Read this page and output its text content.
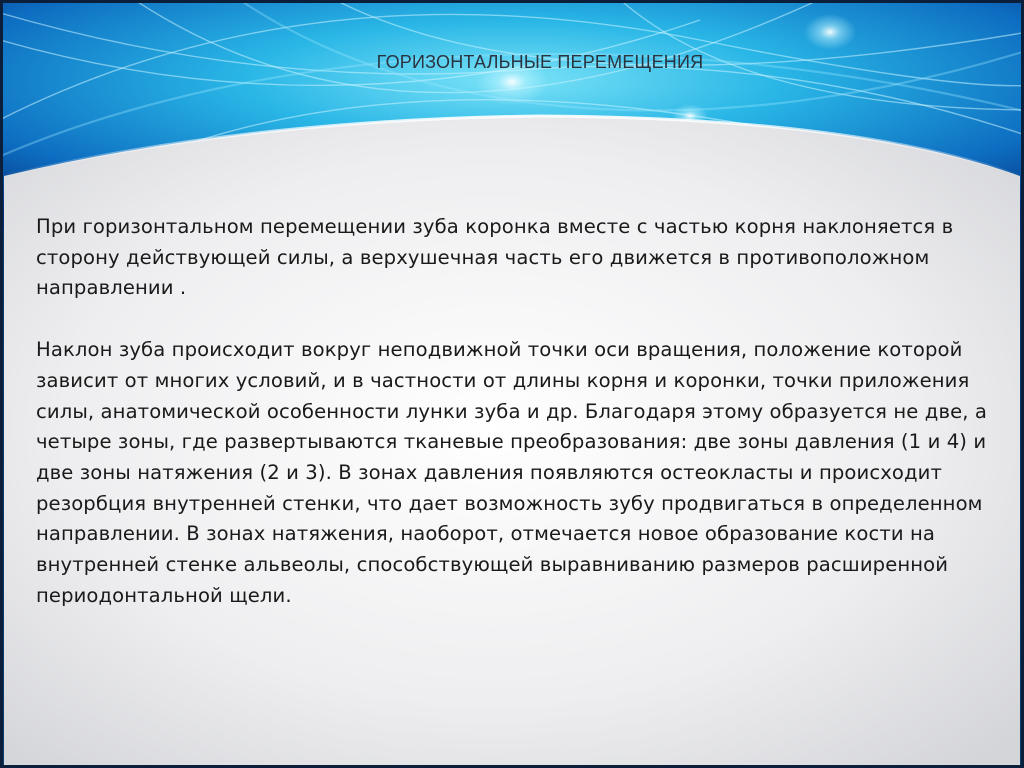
ГОРИЗОНТАЛЬНЫЕ ПЕРЕМЕЩЕНИЯ

При горизонтальном перемещении зуба коронка вместе с частью корня наклоняется в сторону действующей силы, а верхушечная часть его движется в противоположном направлении .

Наклон зуба происходит вокруг неподвижной точки оси вращения, положение которой зависит от многих условий, и в частности от длины корня и коронки, точки приложения силы, анатомической особенности лунки зуба и др. Благодаря этому образуется не две, а четыре зоны, где развертываются тканевые преобразования: две зоны давления (1 и 4) и две зоны натяжения (2 и 3). В зонах давления появляются остеокласты и происходит резорбция внутренней стенки, что дает возможность зубу продвигаться в определенном направлении. В зонах натяжения, наоборот, отмечается новое образование кости на внутренней стенке альвеолы, способствующей выравниванию размеров расширенной периодонтальной щели.
